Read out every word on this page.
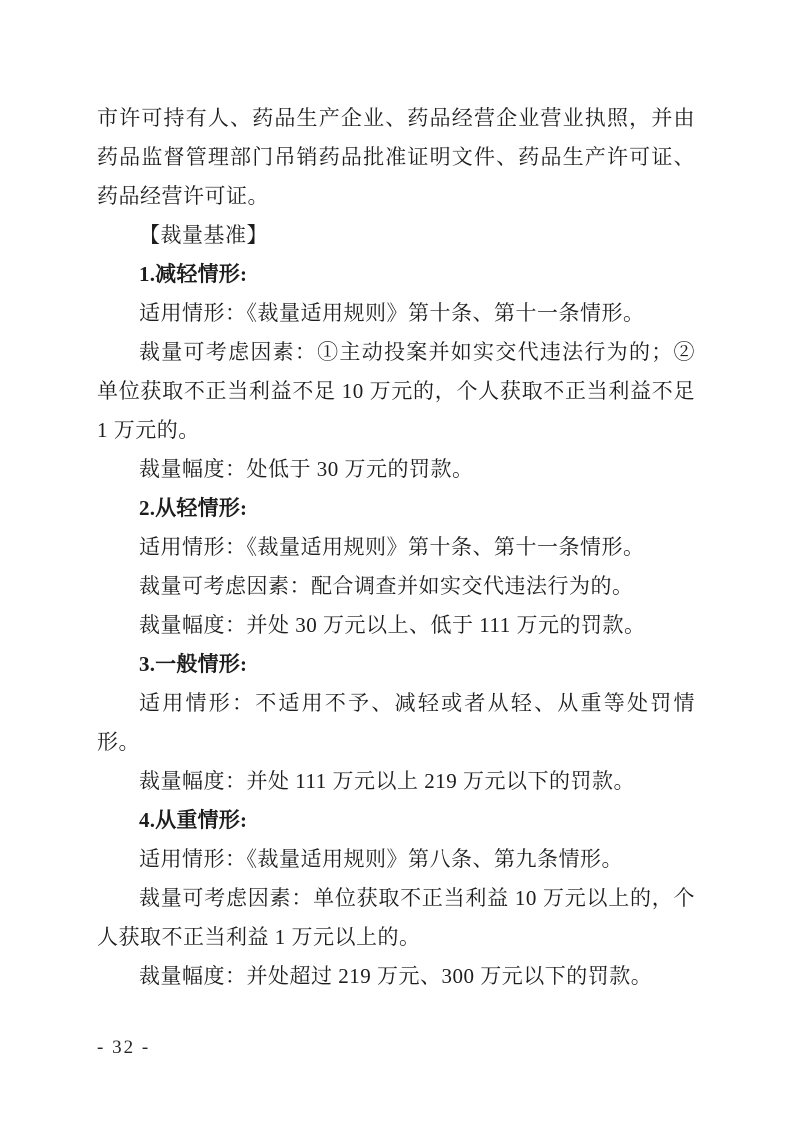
市许可持有人、药品生产企业、药品经营企业营业执照，并由药品监督管理部门吊销药品批准证明文件、药品生产许可证、药品经营许可证。

【裁量基准】

1.减轻情形:

适用情形：《裁量适用规则》第十条、第十一条情形。

裁量可考虑因素：①主动投案并如实交代违法行为的；②单位获取不正当利益不足 10 万元的，个人获取不正当利益不足 1 万元的。

裁量幅度：处低于 30 万元的罚款。

2.从轻情形:

适用情形：《裁量适用规则》第十条、第十一条情形。

裁量可考虑因素：配合调查并如实交代违法行为的。

裁量幅度：并处 30 万元以上、低于 111 万元的罚款。

3.一般情形:

适用情形：不适用不予、减轻或者从轻、从重等处罚情形。

裁量幅度：并处 111 万元以上 219 万元以下的罚款。

4.从重情形:

适用情形：《裁量适用规则》第八条、第九条情形。

裁量可考虑因素：单位获取不正当利益 10 万元以上的，个人获取不正当利益 1 万元以上的。

裁量幅度：并处超过 219 万元、300 万元以下的罚款。

- 32 -
